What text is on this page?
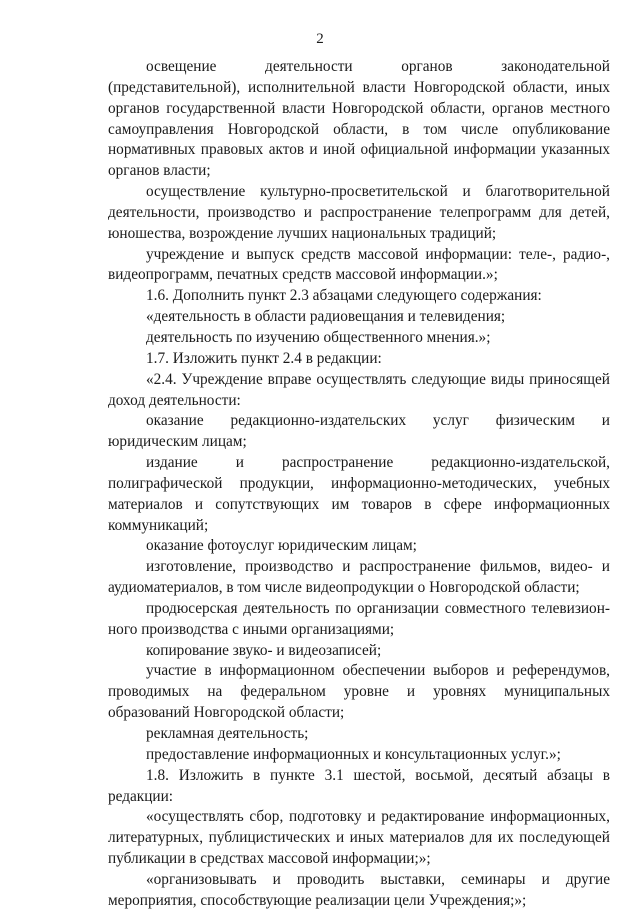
2

освещение деятельности органов законодательной (представительной), исполнительной власти Новгородской области, иных органов государственной власти Новгородской области, органов местного самоуправления Новгородской области, в том числе опубликование нормативных правовых актов и иной официальной информации указанных органов власти;

осуществление культурно-просветительской и благотворительной деятельности, производство и распространение телепрограмм для детей, юношества, возрождение лучших национальных традиций;

учреждение и выпуск средств массовой информации: теле-, радио-, видеопрограмм, печатных средств массовой информации.»;

1.6. Дополнить пункт 2.3 абзацами следующего содержания:

«деятельность в области радиовещания и телевидения;

деятельность по изучению общественного мнения.»;

1.7. Изложить пункт 2.4 в редакции:

«2.4. Учреждение вправе осуществлять следующие виды приносящей доход деятельности:

оказание редакционно-издательских услуг физическим и юридическим лицам;

издание и распространение редакционно-издательской, полиграфической продукции, информационно-методических, учебных материалов и сопутствующих им товаров в сфере информационных коммуникаций;

оказание фотоуслуг юридическим лицам;

изготовление, производство и распространение фильмов, видео- и аудиоматериалов, в том числе видеопродукции о Новгородской области;

продюсерская деятельность по организации совместного телевизион-ного производства с иными организациями;

копирование звуко- и видеозаписей;

участие в информационном обеспечении выборов и референдумов, проводимых на федеральном уровне и уровнях муниципальных образований Новгородской области;

рекламная деятельность;

предоставление информационных и консультационных услуг.»;

1.8. Изложить в пункте 3.1 шестой, восьмой, десятый абзацы в редакции:

«осуществлять сбор, подготовку и редактирование информационных, литературных, публицистических и иных материалов для их последующей публикации в средствах массовой информации;»;

«организовывать и проводить выставки, семинары и другие мероприятия, способствующие реализации цели Учреждения;»;
